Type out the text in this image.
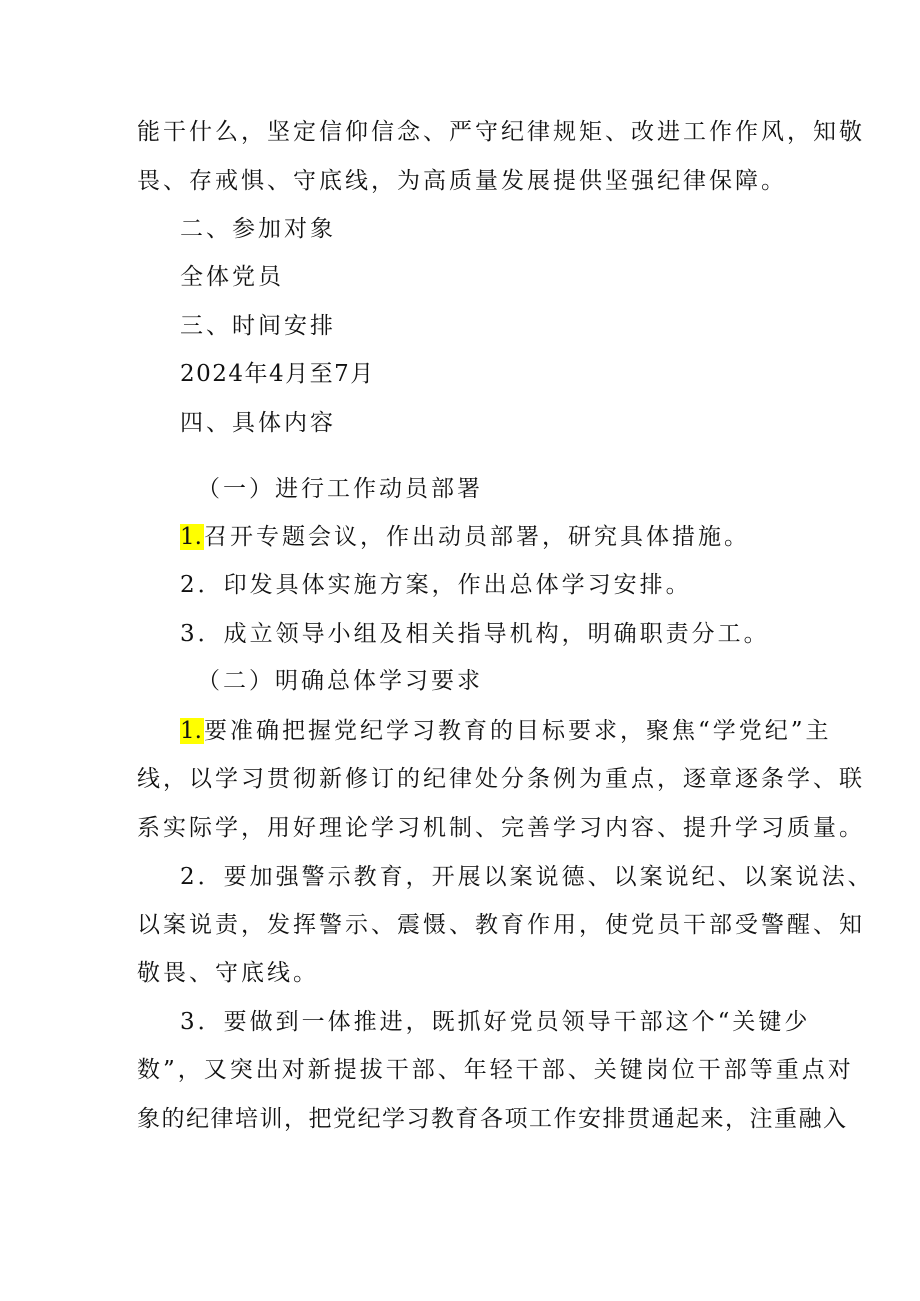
能干什么，坚定信仰信念、严守纪律规矩、改进工作作风，知敬
畏、存戒惧、守底线，为高质量发展提供坚强纪律保障。
二、参加对象
全体党员
三、时间安排
2024年4月至7月
四、具体内容
（一）进行工作动员部署
1.召开专题会议，作出动员部署，研究具体措施。
2．印发具体实施方案，作出总体学习安排。
3．成立领导小组及相关指导机构，明确职责分工。
（二）明确总体学习要求
1.要准确把握党纪学习教育的目标要求，聚焦“学党纪”主
线，以学习贯彻新修订的纪律处分条例为重点，逐章逐条学、联
系实际学，用好理论学习机制、完善学习内容、提升学习质量。
2．要加强警示教育，开展以案说德、以案说纪、以案说法、
以案说责，发挥警示、震慑、教育作用，使党员干部受警醒、知
敬畏、守底线。
3．要做到一体推进，既抓好党员领导干部这个“关键少
数”，又突出对新提拔干部、年轻干部、关键岗位干部等重点对
象的纪律培训，把党纪学习教育各项工作安排贯通起来，注重融入
